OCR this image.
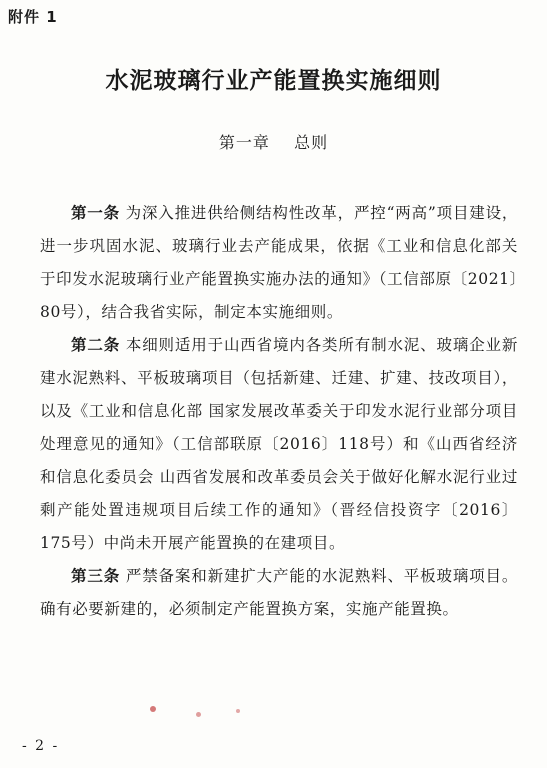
附件 1
水泥玻璃行业产能置换实施细则
第一章    总则

第一条 为深入推进供给侧结构性改革，严控“两高”项目建设，进一步巩固水泥、玻璃行业去产能成果，依据《工业和信息化部关于印发水泥玻璃行业产能置换实施办法的通知》（工信部原〔2021〕80号），结合我省实际，制定本实施细则。

第二条 本细则适用于山西省境内各类所有制水泥、玻璃企业新建水泥熟料、平板玻璃项目（包括新建、迁建、扩建、技改项目），以及《工业和信息化部 国家发展改革委关于印发水泥行业部分项目处理意见的通知》（工信部联原〔2016〕118号）和《山西省经济和信息化委员会 山西省发展和改革委员会关于做好化解水泥行业过剩产能处置违规项目后续工作的通知》（晋经信投资字〔2016〕175号）中尚未开展产能置换的在建项目。

第三条 严禁备案和新建扩大产能的水泥熟料、平板玻璃项目。确有必要新建的，必须制定产能置换方案，实施产能置换。

- 2 -
